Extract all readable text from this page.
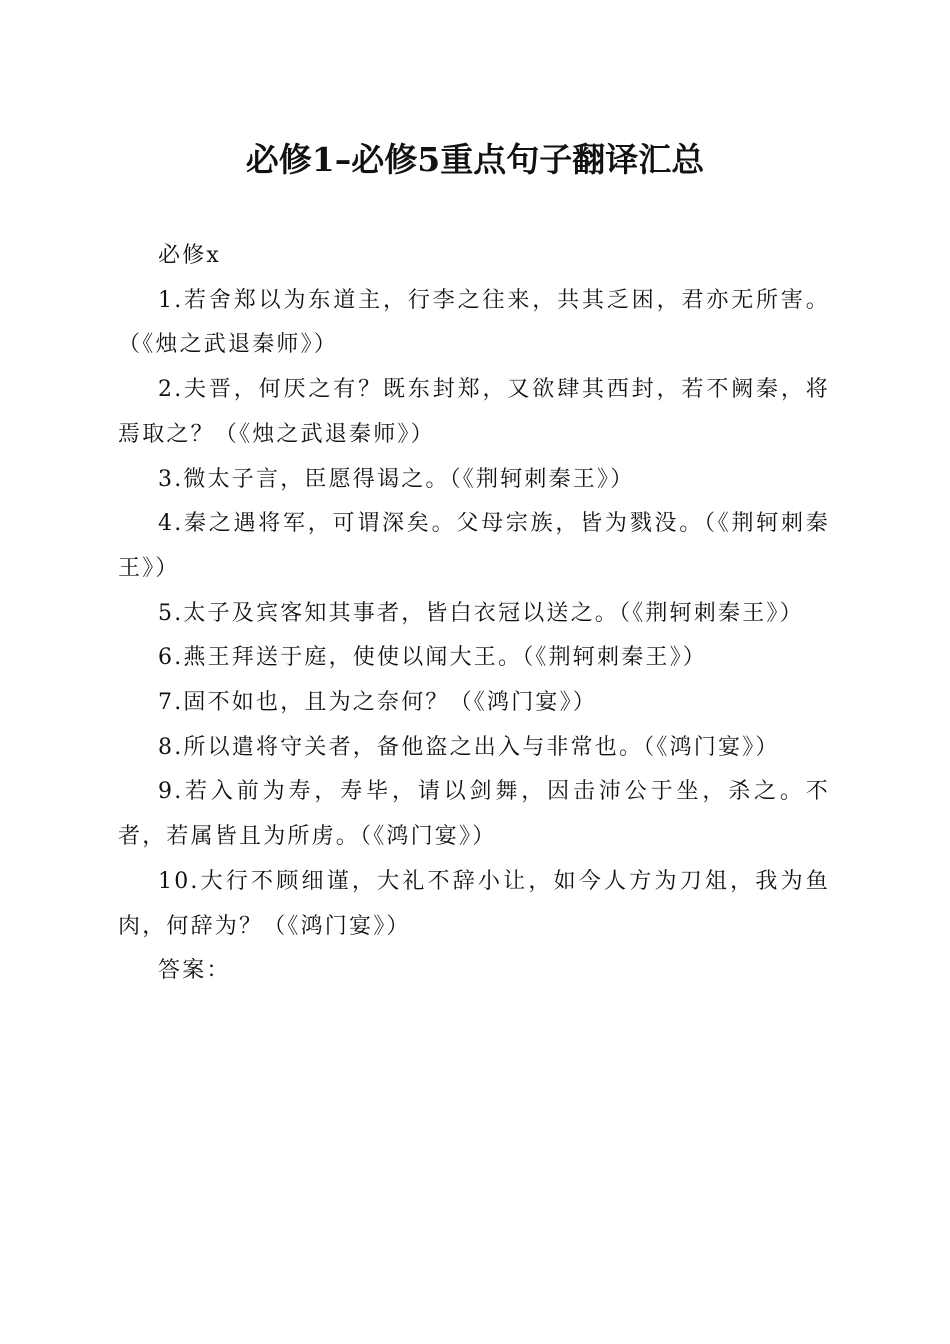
必修1–必修5重点句子翻译汇总

必修x

1.若舍郑以为东道主，行李之往来，共其乏困，君亦无所害。（《烛之武退秦师》）

2.夫晋，何厌之有？既东封郑，又欲肆其西封，若不阙秦，将焉取之？（《烛之武退秦师》）

3.微太子言，臣愿得谒之。（《荆轲刺秦王》）

4.秦之遇将军，可谓深矣。父母宗族，皆为戮没。（《荆轲刺秦王》）

5.太子及宾客知其事者，皆白衣冠以送之。（《荆轲刺秦王》）

6.燕王拜送于庭，使使以闻大王。（《荆轲刺秦王》）

7.固不如也，且为之奈何？（《鸿门宴》）

8.所以遣将守关者，备他盗之出入与非常也。（《鸿门宴》）

9.若入前为寿，寿毕，请以剑舞，因击沛公于坐，杀之。不者，若属皆且为所虏。（《鸿门宴》）

10.大行不顾细谨，大礼不辞小让，如今人方为刀俎，我为鱼肉，何辞为？（《鸿门宴》）

答案：
